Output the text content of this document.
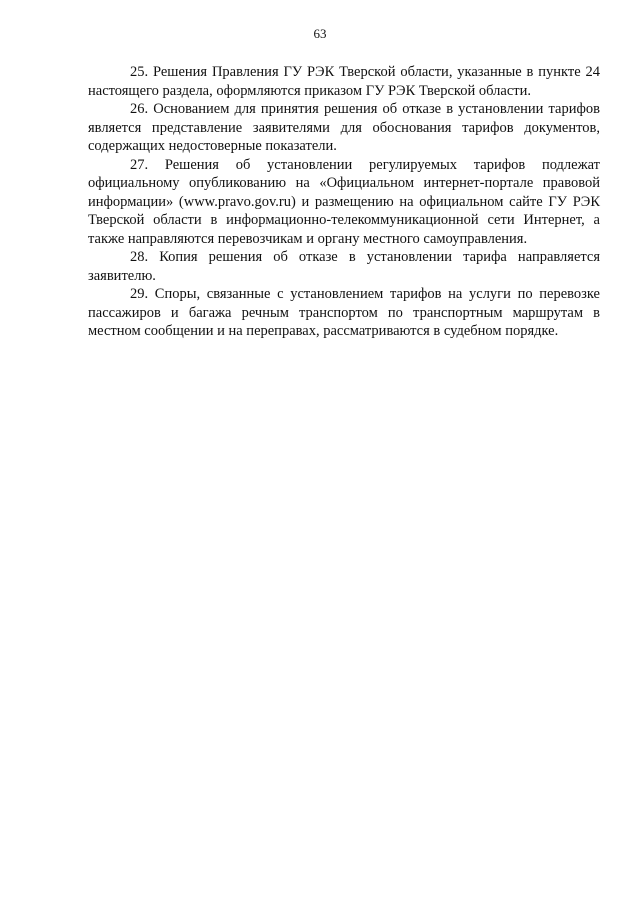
63

25. Решения Правления ГУ РЭК Тверской области, указанные в пункте 24 настоящего раздела, оформляются приказом ГУ РЭК Тверской области.

26. Основанием для принятия решения об отказе в установлении тарифов является представление заявителями для обоснования тарифов документов, содержащих недостоверные показатели.

27. Решения об установлении регулируемых тарифов подлежат официальному опубликованию на «Официальном интернет-портале правовой информации» (www.pravo.gov.ru) и размещению на официальном сайте ГУ РЭК Тверской области в информационно-телекоммуникационной сети Интернет, а также направляются перевозчикам и органу местного самоуправления.

28. Копия решения об отказе в установлении тарифа направляется заявителю.

29. Споры, связанные с установлением тарифов на услуги по перевозке пассажиров и багажа речным транспортом по транспортным маршрутам в местном сообщении и на переправах, рассматриваются в судебном порядке.
